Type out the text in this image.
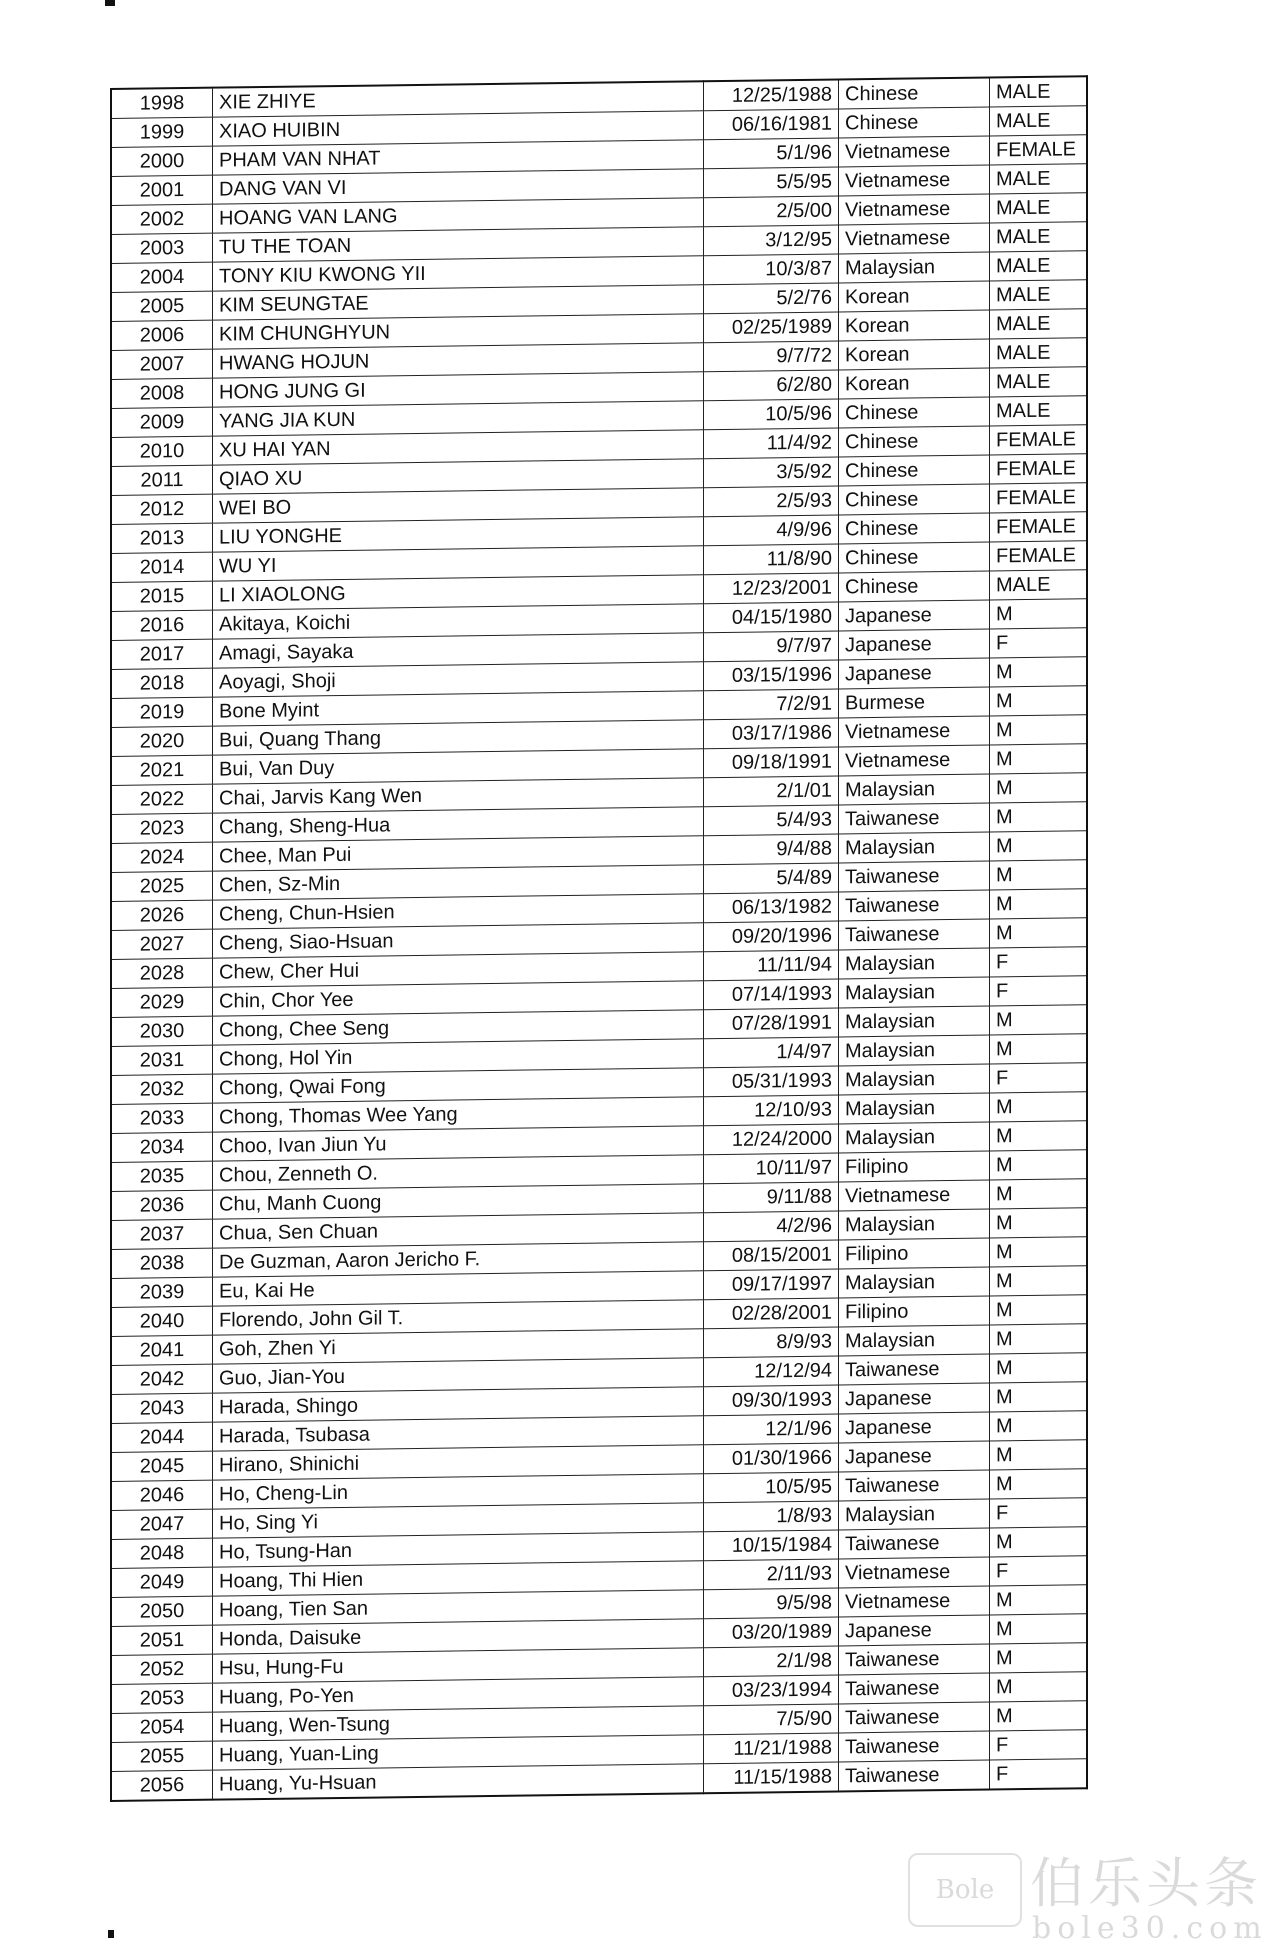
1998	XIE ZHIYE	12/25/1988	Chinese	MALE
1999	XIAO HUIBIN	06/16/1981	Chinese	MALE
2000	PHAM VAN NHAT	5/1/96	Vietnamese	FEMALE
2001	DANG VAN VI	5/5/95	Vietnamese	MALE
2002	HOANG VAN LANG	2/5/00	Vietnamese	MALE
2003	TU THE TOAN	3/12/95	Vietnamese	MALE
2004	TONY KIU KWONG YII	10/3/87	Malaysian	MALE
2005	KIM SEUNGTAE	5/2/76	Korean	MALE
2006	KIM CHUNGHYUN	02/25/1989	Korean	MALE
2007	HWANG HOJUN	9/7/72	Korean	MALE
2008	HONG JUNG GI	6/2/80	Korean	MALE
2009	YANG JIA KUN	10/5/96	Chinese	MALE
2010	XU HAI YAN	11/4/92	Chinese	FEMALE
2011	QIAO XU	3/5/92	Chinese	FEMALE
2012	WEI BO	2/5/93	Chinese	FEMALE
2013	LIU YONGHE	4/9/96	Chinese	FEMALE
2014	WU YI	11/8/90	Chinese	FEMALE
2015	LI XIAOLONG	12/23/2001	Chinese	MALE
2016	Akitaya, Koichi	04/15/1980	Japanese	M
2017	Amagi, Sayaka	9/7/97	Japanese	F
2018	Aoyagi, Shoji	03/15/1996	Japanese	M
2019	Bone Myint	7/2/91	Burmese	M
2020	Bui, Quang Thang	03/17/1986	Vietnamese	M
2021	Bui, Van Duy	09/18/1991	Vietnamese	M
2022	Chai, Jarvis Kang Wen	2/1/01	Malaysian	M
2023	Chang, Sheng-Hua	5/4/93	Taiwanese	M
2024	Chee, Man Pui	9/4/88	Malaysian	M
2025	Chen, Sz-Min	5/4/89	Taiwanese	M
2026	Cheng, Chun-Hsien	06/13/1982	Taiwanese	M
2027	Cheng, Siao-Hsuan	09/20/1996	Taiwanese	M
2028	Chew, Cher Hui	11/11/94	Malaysian	F
2029	Chin, Chor Yee	07/14/1993	Malaysian	F
2030	Chong, Chee Seng	07/28/1991	Malaysian	M
2031	Chong, Hol Yin	1/4/97	Malaysian	M
2032	Chong, Qwai Fong	05/31/1993	Malaysian	F
2033	Chong, Thomas Wee Yang	12/10/93	Malaysian	M
2034	Choo, Ivan Jiun Yu	12/24/2000	Malaysian	M
2035	Chou, Zenneth O.	10/11/97	Filipino	M
2036	Chu, Manh Cuong	9/11/88	Vietnamese	M
2037	Chua, Sen Chuan	4/2/96	Malaysian	M
2038	De Guzman, Aaron Jericho F.	08/15/2001	Filipino	M
2039	Eu, Kai He	09/17/1997	Malaysian	M
2040	Florendo, John Gil T.	02/28/2001	Filipino	M
2041	Goh, Zhen Yi	8/9/93	Malaysian	M
2042	Guo, Jian-You	12/12/94	Taiwanese	M
2043	Harada, Shingo	09/30/1993	Japanese	M
2044	Harada, Tsubasa	12/1/96	Japanese	M
2045	Hirano, Shinichi	01/30/1966	Japanese	M
2046	Ho, Cheng-Lin	10/5/95	Taiwanese	M
2047	Ho, Sing Yi	1/8/93	Malaysian	F
2048	Ho, Tsung-Han	10/15/1984	Taiwanese	M
2049	Hoang, Thi Hien	2/11/93	Vietnamese	F
2050	Hoang, Tien San	9/5/98	Vietnamese	M
2051	Honda, Daisuke	03/20/1989	Japanese	M
2052	Hsu, Hung-Fu	2/1/98	Taiwanese	M
2053	Huang, Po-Yen	03/23/1994	Taiwanese	M
2054	Huang, Wen-Tsung	7/5/90	Taiwanese	M
2055	Huang, Yuan-Ling	11/21/1988	Taiwanese	F
2056	Huang, Yu-Hsuan	11/15/1988	Taiwanese	F
Bole 伯乐头条
bole30.com
